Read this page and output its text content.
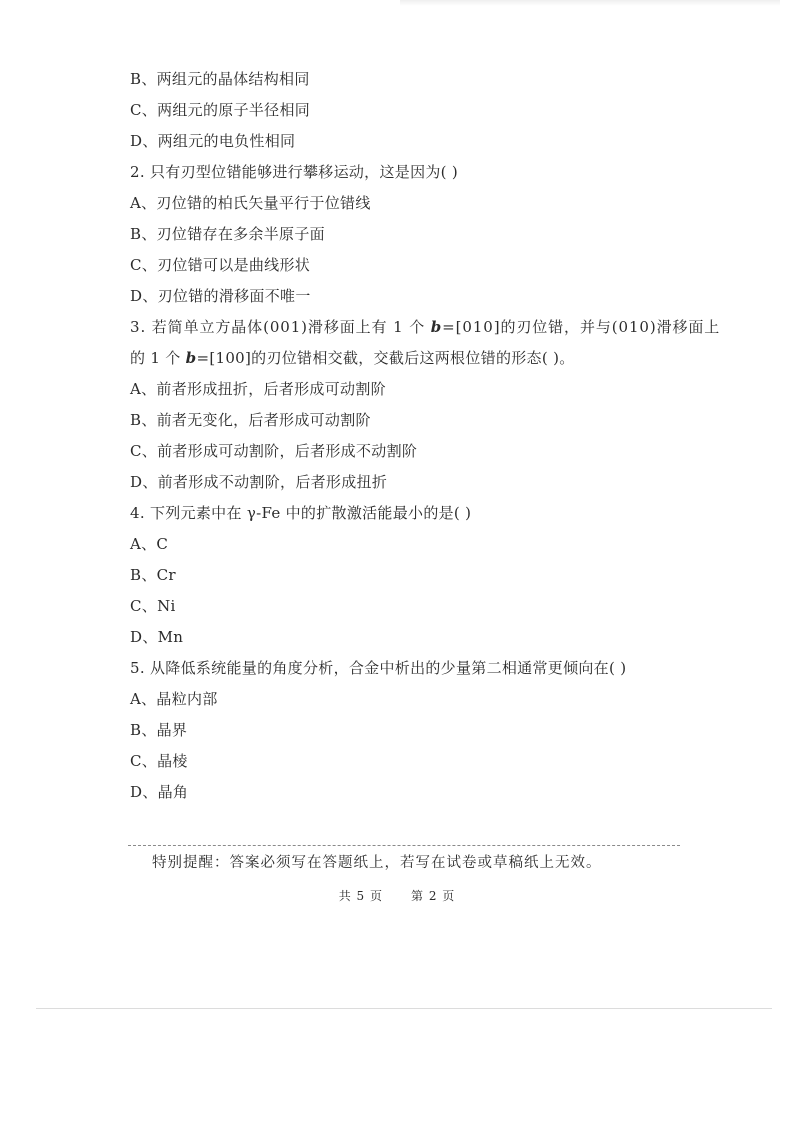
B、两组元的晶体结构相同
C、两组元的原子半径相同
D、两组元的电负性相同
2. 只有刃型位错能够进行攀移运动，这是因为( )
A、刃位错的柏氏矢量平行于位错线
B、刃位错存在多余半原子面
C、刃位错可以是曲线形状
D、刃位错的滑移面不唯一
3. 若简单立方晶体(001)滑移面上有 1 个 b=[010]的刃位错，并与(010)滑移面上
的 1 个 b=[100]的刃位错相交截，交截后这两根位错的形态( )。
A、前者形成扭折，后者形成可动割阶
B、前者无变化，后者形成可动割阶
C、前者形成可动割阶，后者形成不动割阶
D、前者形成不动割阶，后者形成扭折
4. 下列元素中在 γ-Fe 中的扩散激活能最小的是( )
A、C
B、Cr
C、Ni
D、Mn
5. 从降低系统能量的角度分析，合金中析出的少量第二相通常更倾向在( )
A、晶粒内部
B、晶界
C、晶棱
D、晶角
特别提醒：答案必须写在答题纸上，若写在试卷或草稿纸上无效。
共 5 页 第 2 页
